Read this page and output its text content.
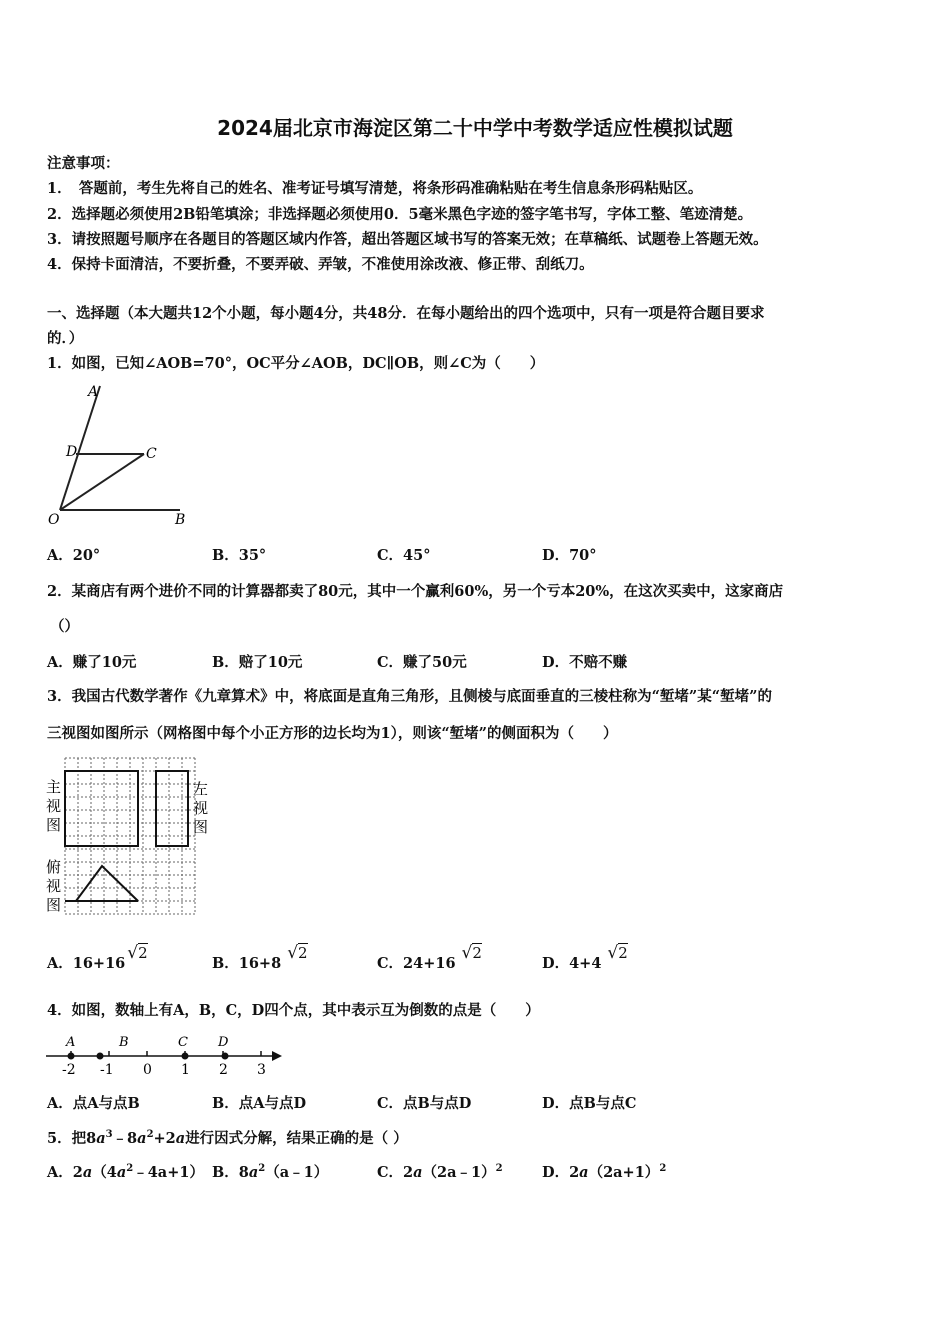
2024届北京市海淀区第二十中学中考数学适应性模拟试题
注意事项：
1．　答题前，考生先将自己的姓名、准考证号填写清楚，将条形码准确粘贴在考生信息条形码粘贴区。
2．选择题必须使用2B铅笔填涂；非选择题必须使用0．5毫米黑色字迹的签字笔书写，字体工整、笔迹清楚。
3．请按照题号顺序在各题目的答题区域内作答，超出答题区域书写的答案无效；在草稿纸、试题卷上答题无效。
4．保持卡面清洁，不要折叠，不要弄破、弄皱，不准使用涂改液、修正带、刮纸刀。
一、选择题（本大题共12个小题，每小题4分，共48分．在每小题给出的四个选项中，只有一项是符合题目要求
的．）
1．如图，已知∠AOB=70°，OC平分∠AOB，DC∥OB，则∠C为（　　）
A
D	C
O	B
A．20°	B．35°	C．45°	D．70°
2．某商店有两个进价不同的计算器都卖了80元，其中一个赢利60%，另一个亏本20%，在这次买卖中，这家商店
（）
A．赚了10元	B．赔了10元	C．赚了50元	D．不赔不赚
3．我国古代数学著作《九章算术》中，将底面是直角三角形，且侧棱与底面垂直的三棱柱称为“堑堵”某“堑堵”的
三视图如图所示（网格图中每个小正方形的边长均为1），则该“堑堵”的侧面积为（　　）
主
视
图
左
视
图
俯
视
图
A．16+16√2
B．16+8√2
C．24+16√2
D．4+4√2
4．如图，数轴上有A，B，C，D四个点，其中表示互为倒数的点是（　　）
A	B	C D
-2 -1 0 1 2 3
A．点A与点B	B．点A与点D	C．点B与点D	D．点B与点C
5．把$8a^3﹣8a^2+2a$进行因式分解，结果正确的是（ ）
A．$2a(4a^2﹣4a+1)$ B．$8a^2(a﹣1)$	C．2a（2a﹣1）$^2$	D．$2a(2a+1)^2$
